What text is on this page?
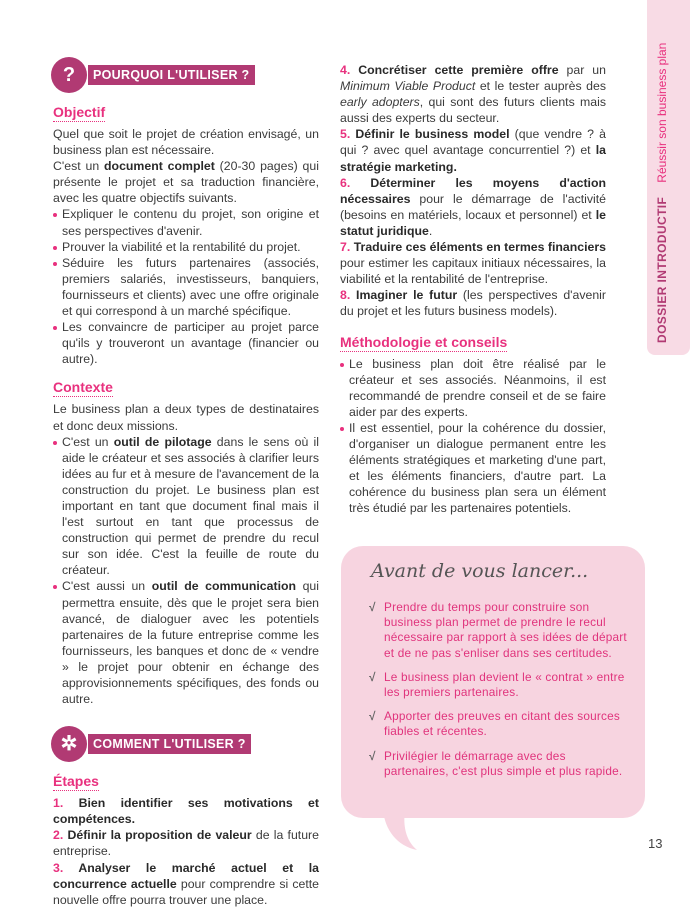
?	POURQUOI L'UTILISER ?
Objectif

Quel que soit le projet de création envisagé, un business plan est nécessaire.

C'est un document complet (20-30 pages) qui présente le projet et sa traduction financière, avec les quatre objectifs suivants.

Expliquer le contenu du projet, son origine et ses perspectives d'avenir.
Prouver la viabilité et la rentabilité du projet.
Séduire les futurs partenaires (associés, premiers salariés, investisseurs, banquiers, fournisseurs et clients) avec une offre originale et qui correspond à un marché spécifique.
Les convaincre de participer au projet parce qu'ils y trouveront un avantage (financier ou autre).
Contexte

Le business plan a deux types de destinataires et donc deux missions.

C'est un outil de pilotage dans le sens où il aide le créateur et ses associés à clarifier leurs idées au fur et à mesure de l'avancement de la construction du projet. Le business plan est important en tant que document final mais il l'est surtout en tant que processus de construction qui permet de prendre du recul sur son idée. C'est la feuille de route du créateur.
C'est aussi un outil de communication qui permettra ensuite, dès que le projet sera bien avancé, de dialoguer avec les potentiels partenaires de la future entreprise comme les fournisseurs, les banques et donc de « vendre » le projet pour obtenir en échange des approvisionnements spécifiques, des fonds ou autre.
✲	COMMENT L'UTILISER ?
Étapes

1. Bien identifier ses motivations et compétences.

2. Définir la proposition de valeur de la future entreprise.

3. Analyser le marché actuel et la concurrence actuelle pour comprendre si cette nouvelle offre pourra trouver une place.

4. Concrétiser cette première offre par un Minimum Viable Product et le tester auprès des early adopters, qui sont des futurs clients mais aussi des experts du secteur.

5. Définir le business model (que vendre ? à qui ? avec quel avantage concurrentiel ?) et la stratégie marketing.

6. Déterminer les moyens d'action nécessaires pour le démarrage de l'activité (besoins en matériels, locaux et personnel) et le statut juridique.

7. Traduire ces éléments en termes financiers pour estimer les capitaux initiaux nécessaires, la viabilité et la rentabilité de l'entreprise.

8. Imaginer le futur (les perspectives d'avenir du projet et les futurs business models).

Méthodologie et conseils
Le business plan doit être réalisé par le créateur et ses associés. Néanmoins, il est recommandé de prendre conseil et de se faire aider par des experts.
Il est essentiel, pour la cohérence du dossier, d'organiser un dialogue permanent entre les éléments stratégiques et marketing d'une part, et les éléments financiers, d'autre part. La cohérence du business plan sera un élément très étudié par les partenaires potentiels.
Avant de vous lancer...
√ Prendre du temps pour construire son business plan permet de prendre le recul nécessaire par rapport à ses idées de départ et de ne pas s'enliser dans ses certitudes.
√ Le business plan devient le « contrat » entre les premiers partenaires.
√ Apporter des preuves en citant des sources fiables et récentes.
√ Privilégier le démarrage avec des partenaires, c'est plus simple et plus rapide.
DOSSIER INTRODUCTIFRéussir son business plan
13
